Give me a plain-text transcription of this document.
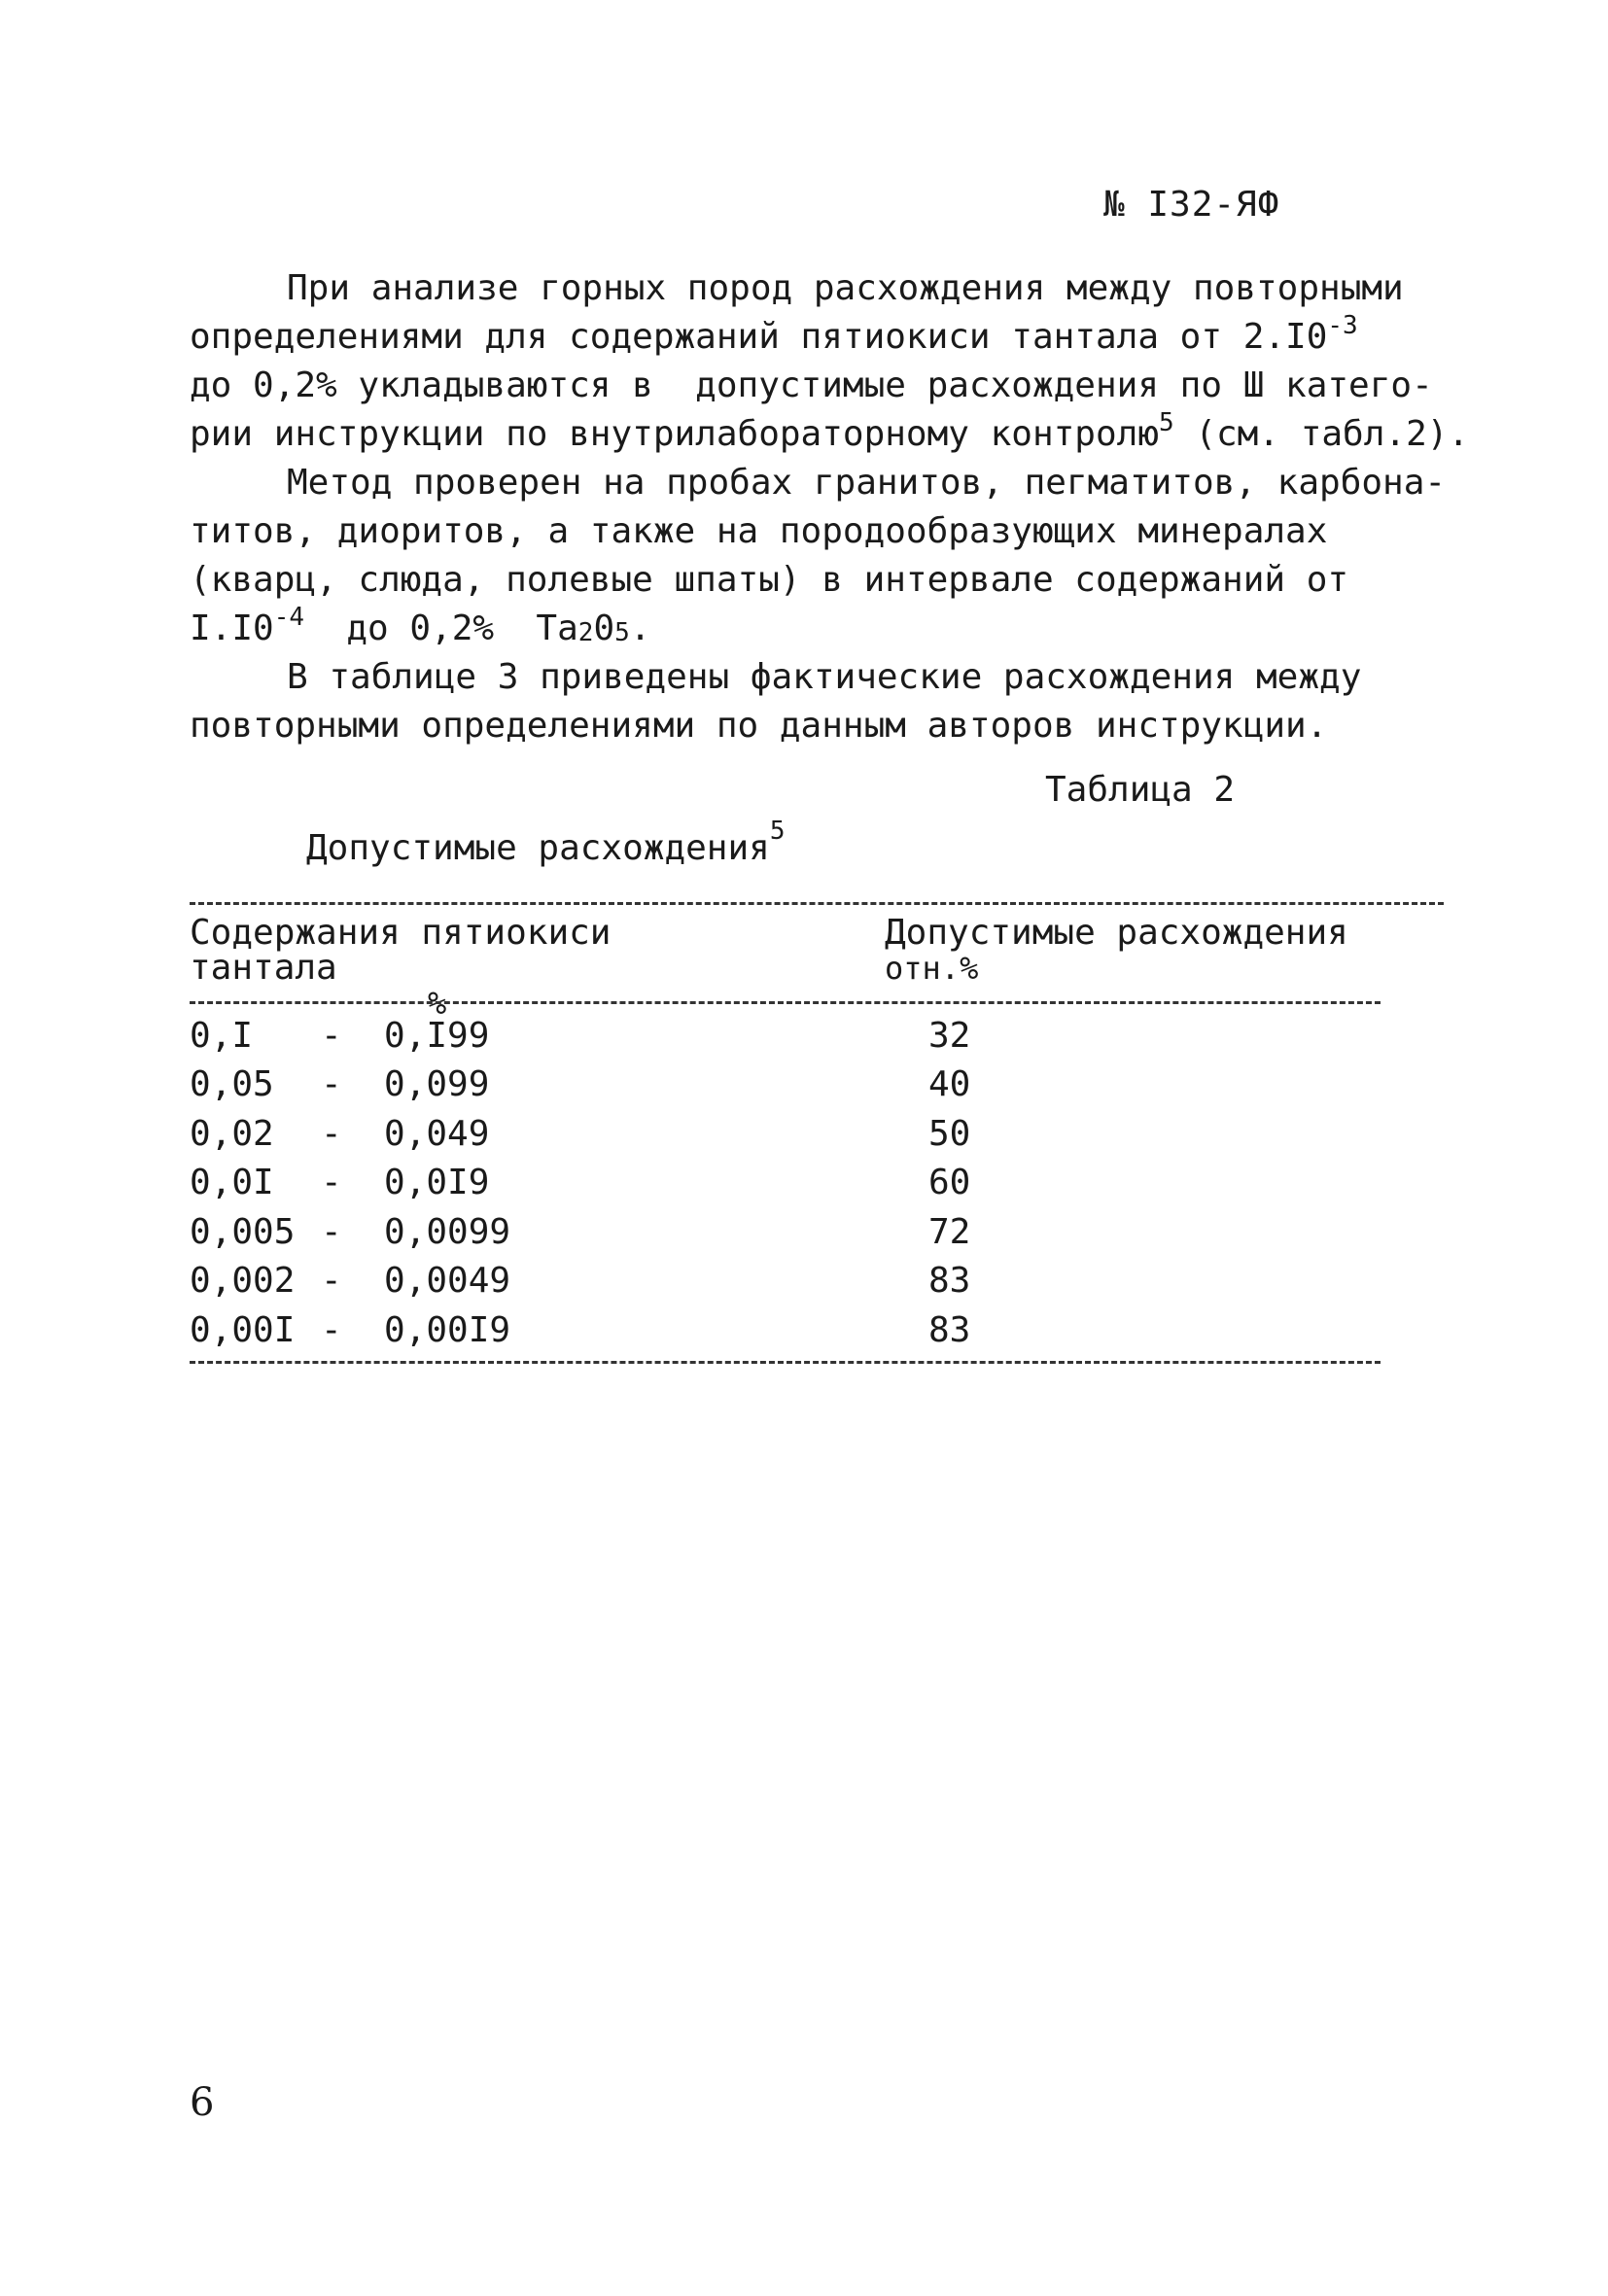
№ I32-ЯФ
При анализе горных пород расхождения между повторными
определениями для содержаний пятиокиси тантала от $2.I0^{-3}$
до 0,2% укладываются в  допустимые расхождения по Ш катего-
рии инструкции по внутрилабораторному контролю$^5$ (см. табл.2).
Метод проверен на пробах гранитов, пегматитов, карбона-
титов, диоритов, а также на породообразующих минералах
(кварц, слюда, полевые шпаты) в интервале содержаний от
$I.I0^{-4}$  до 0,2%  $Ta_20_5$.
В таблице 3 приведены фактические расхождения между
повторными определениями по данным авторов инструкции.
Таблица 2
Допустимые расхождения$^5$
Содержания пятиокиси тантала
%
Допустимые расхождения
отн.%
0,I	-	0,I99	32
0,05	-	0,099	40
0,02	-	0,049	50
0,0I	-	0,0I9	60
0,005 -	0,0099	72
0,002 -	0,0049	83
0,00I -	0,00I9	83
6
